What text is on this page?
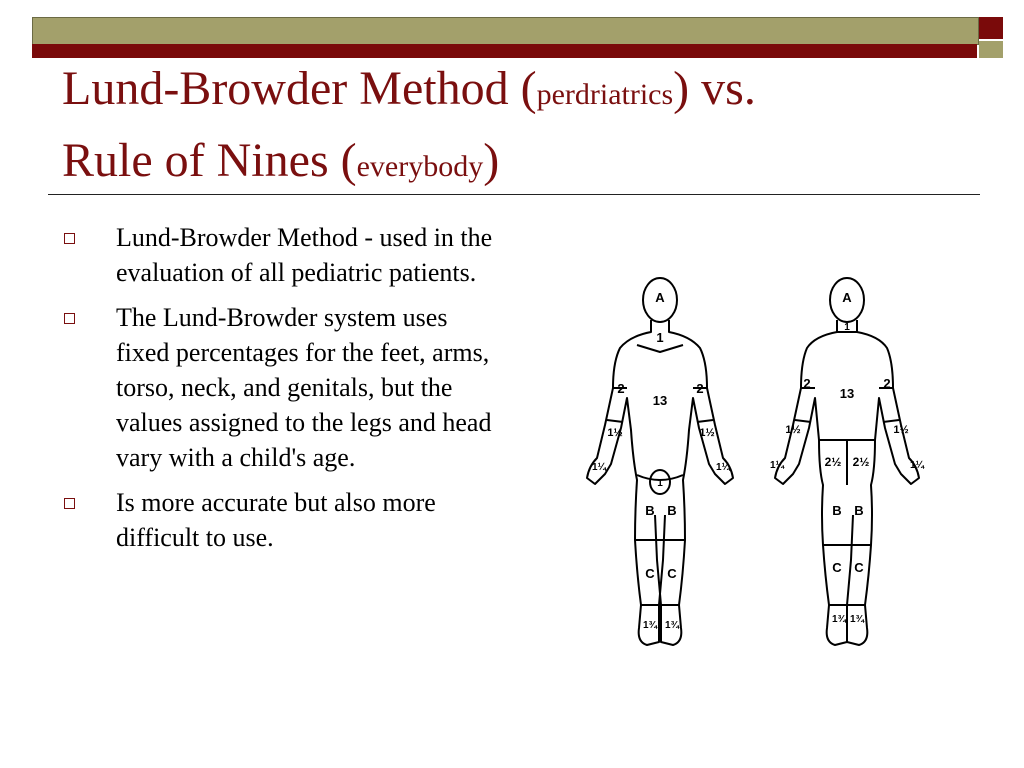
Lund-Browder Method (perdriatrics) vs.
Rule of Nines (everybody)
Lund-Browder Method - used in the evaluation of all pediatric patients.
The Lund-Browder system uses fixed percentages for the feet, arms, torso, neck, and genitals, but the values assigned to the legs and head vary with a child's age.
Is more accurate but also more difficult to use.
A
1
2	2
13
1½	1½
1¼	1¼
1
B B
C C
1¾ 1¾
A
1
2	2
13
1½	1½
1¼	1¼
2½ 2½
B B
C C
1¾ 1¾
